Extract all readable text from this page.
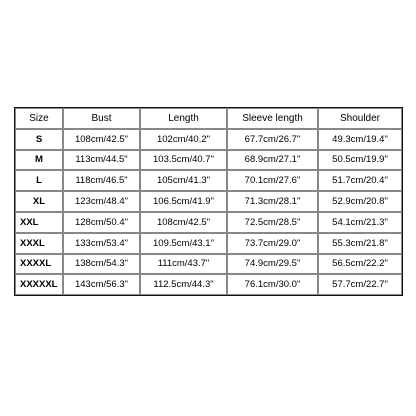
Size	Bust	Length	Sleeve length	Shoulder
S	108cm/42.5"	102cm/40.2"	67.7cm/26.7"	49.3cm/19.4"
M	113cm/44.5"	103.5cm/40.7"	68.9cm/27.1"	50.5cm/19.9"
L	118cm/46.5"	105cm/41.3"	70.1cm/27.6"	51.7cm/20.4"
XL	123cm/48.4"	106.5cm/41.9"	71.3cm/28.1"	52.9cm/20.8"
XXL	128cm/50.4"	108cm/42.5"	72.5cm/28.5"	54.1cm/21.3"
XXXL	133cm/53.4"	109.5cm/43.1"	73.7cm/29.0"	55.3cm/21.8"
XXXXL	138cm/54.3"	111cm/43.7"	74.9cm/29.5"	56.5cm/22.2"
XXXXXL	143cm/56.3"	112.5cm/44.3"	76.1cm/30.0"	57.7cm/22.7"
